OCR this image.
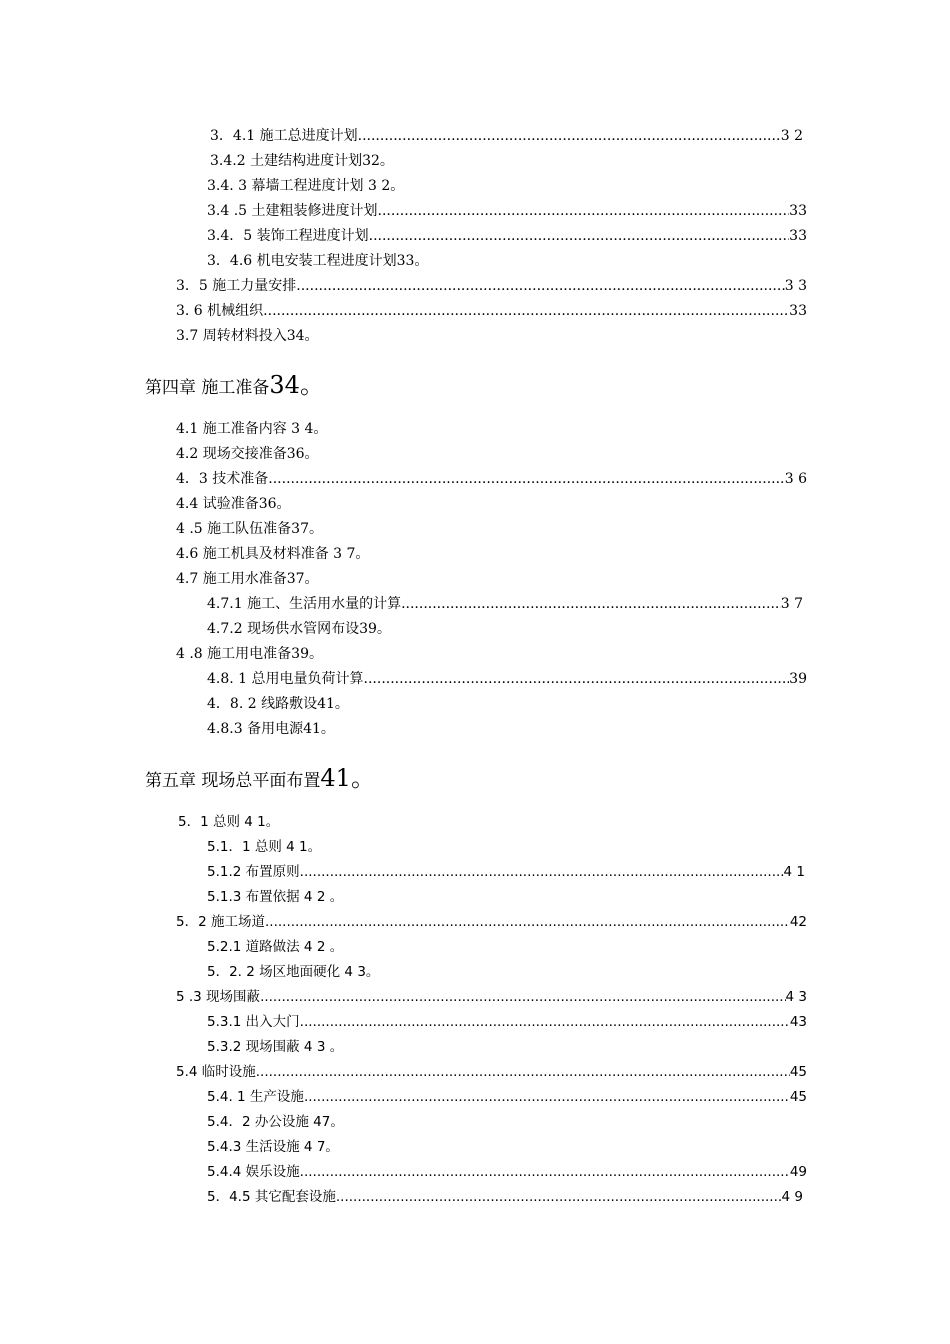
3．4.1 施工总进度计划 .....	3 2
3.4.2 土建结构进度计划32。
3.4. 3 幕墙工程进度计划 3 2。
3.4 .5 土建粗装修进度计划 .....	33
3.4．5 装饰工程进度计划 .....	33
3．4.6 机电安装工程进度计划33。
3．5 施工力量安排 .....	3 3
3. 6 机械组织 .....	33
3.7 周转材料投入34。
第四章 施工准备34。
4.1 施工准备内容 3 4。
4.2 现场交接准备36。
4．3 技术准备 .....	3 6
4.4 试验准备36。
4 .5 施工队伍准备37。
4.6 施工机具及材料准备 3 7。
4.7 施工用水准备37。
4.7.1 施工、生活用水量的计算 .....	3 7
4.7.2 现场供水管网布设39。
4 .8 施工用电准备39。
4.8. 1 总用电量负荷计算 .....	39
4．8. 2 线路敷设41。
4.8.3 备用电源41。
第五章 现场总平面布置41。
5．1 总则 4 1。
5.1．1 总则 4 1。
5.1.2 布置原则 .....	4 1
5.1.3 布置依据 4 2 。
5．2 施工场道 .....	42
5.2.1 道路做法 4 2 。
5．2. 2 场区地面硬化 4 3。
5 .3 现场围蔽 .....	4 3
5.3.1 出入大门 .....	43
5.3.2 现场围蔽 4 3 。
5.4 临时设施 .....	45
5.4. 1 生产设施 .....	45
5.4．2 办公设施 47。
5.4.3 生活设施 4 7。
5.4.4 娱乐设施 .....	49
5．4.5 其它配套设施 .....	4 9
